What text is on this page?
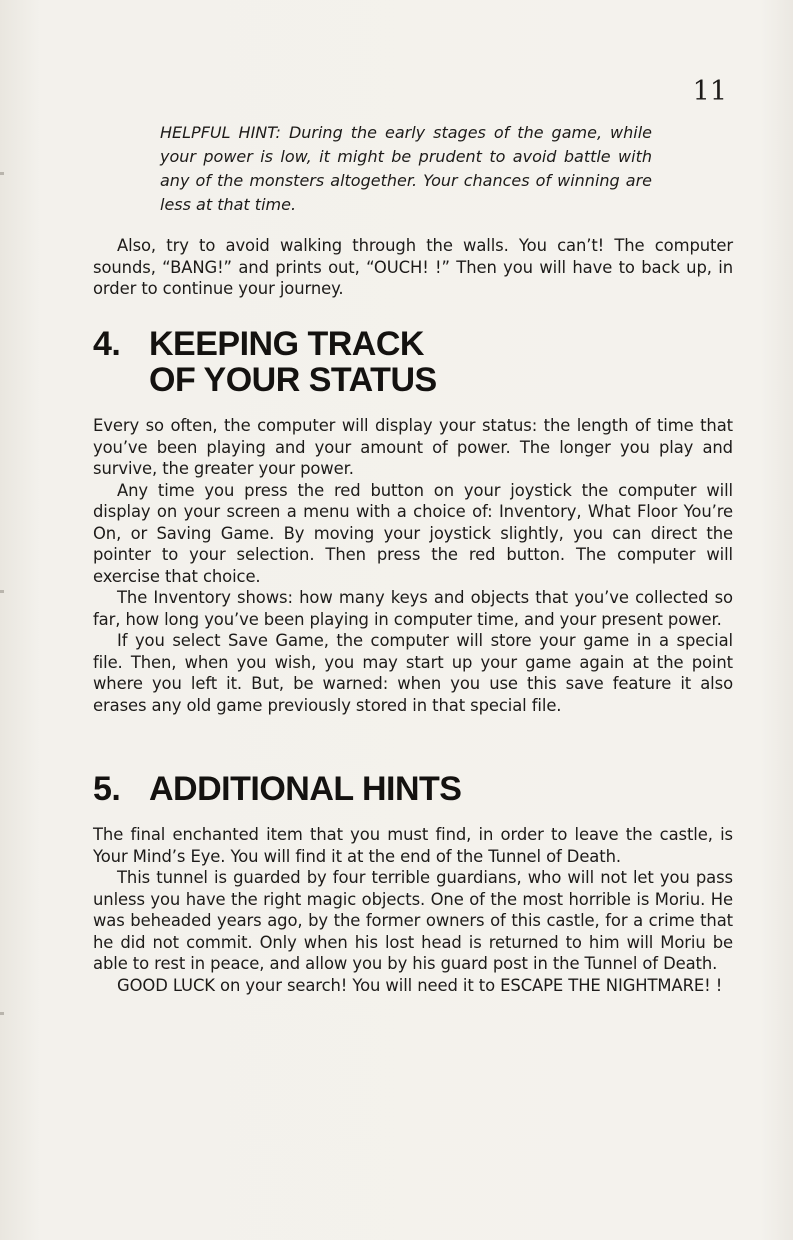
11

HELPFUL HINT: During the early stages of the game, while your power is low, it might be prudent to avoid battle with any of the monsters altogether. Your chances of winning are less at that time.

Also, try to avoid walking through the walls. You can’t! The computer sounds, “BANG!” and prints out, “OUCH! !” Then you will have to back up, in order to continue your journey.

4. KEEPING TRACK
OF YOUR STATUS
Every so often, the computer will display your status: the length of time that you’ve been playing and your amount of power. The longer you play and survive, the greater your power.
Any time you press the red button on your joystick the computer will display on your screen a menu with a choice of: Inventory, What Floor You’re On, or Saving Game. By moving your joystick slightly, you can direct the pointer to your selection. Then press the red button. The computer will exercise that choice.
The Inventory shows: how many keys and objects that you’ve collected so far, how long you’ve been playing in computer time, and your present power.
If you select Save Game, the computer will store your game in a special file. Then, when you wish, you may start up your game again at the point where you left it. But, be warned: when you use this save feature it also erases any old game previously stored in that special file.
5. ADDITIONAL HINTS
The final enchanted item that you must find, in order to leave the castle, is Your Mind’s Eye. You will find it at the end of the Tunnel of Death.
This tunnel is guarded by four terrible guardians, who will not let you pass unless you have the right magic objects. One of the most horrible is Moriu. He was beheaded years ago, by the former owners of this castle, for a crime that he did not commit. Only when his lost head is returned to him will Moriu be able to rest in peace, and allow you by his guard post in the Tunnel of Death.
GOOD LUCK on your search! You will need it to ESCAPE THE NIGHTMARE! !
